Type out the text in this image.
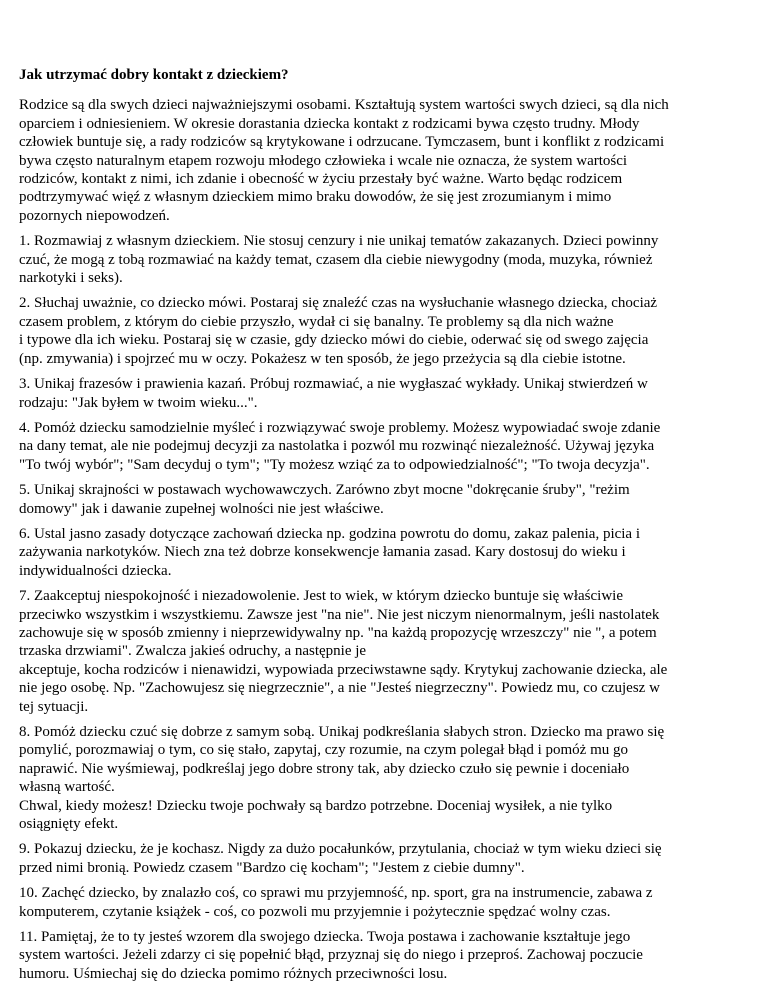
Jak utrzymać dobry kontakt z dzieckiem?

Rodzice są dla swych dzieci najważniejszymi osobami. Kształtują system wartości swych dzieci, są dla nich
oparciem i odniesieniem. W okresie dorastania dziecka kontakt z rodzicami bywa często trudny. Młody
człowiek buntuje się, a rady rodziców są krytykowane i odrzucane. Tymczasem, bunt i konflikt z rodzicami
bywa często naturalnym etapem rozwoju młodego człowieka i wcale nie oznacza, że system wartości
rodziców, kontakt z nimi, ich zdanie i obecność w życiu przestały być ważne. Warto będąc rodzicem
podtrzymywać więź z własnym dzieckiem mimo braku dowodów, że się jest zrozumianym i mimo
pozornych niepowodzeń.

1. Rozmawiaj z własnym dzieckiem. Nie stosuj cenzury i nie unikaj tematów zakazanych. Dzieci powinny
czuć, że mogą z tobą rozmawiać na każdy temat, czasem dla ciebie niewygodny (moda, muzyka, również
narkotyki i seks).

2. Słuchaj uważnie, co dziecko mówi. Postaraj się znaleźć czas na wysłuchanie własnego dziecka, chociaż
czasem problem, z którym do ciebie przyszło, wydał ci się banalny. Te problemy są dla nich ważne
i typowe dla ich wieku. Postaraj się w czasie, gdy dziecko mówi do ciebie, oderwać się od swego zajęcia
(np. zmywania) i spojrzeć mu w oczy. Pokażesz w ten sposób, że jego przeżycia są dla ciebie istotne.

3. Unikaj frazesów i prawienia kazań. Próbuj rozmawiać, a nie wygłaszać wykłady. Unikaj stwierdzeń w
rodzaju: "Jak byłem w twoim wieku...".

4. Pomóż dziecku samodzielnie myśleć i rozwiązywać swoje problemy. Możesz wypowiadać swoje zdanie
na dany temat, ale nie podejmuj decyzji za nastolatka i pozwól mu rozwinąć niezależność. Używaj języka
"To twój wybór"; "Sam decyduj o tym"; "Ty możesz wziąć za to odpowiedzialność"; "To twoja decyzja".

5. Unikaj skrajności w postawach wychowawczych. Zarówno zbyt mocne "dokręcanie śruby", "reżim
domowy" jak i dawanie zupełnej wolności nie jest właściwe.

6. Ustal jasno zasady dotyczące zachowań dziecka np. godzina powrotu do domu, zakaz palenia, picia i
zażywania narkotyków. Niech zna też dobrze konsekwencje łamania zasad. Kary dostosuj do wieku i
indywidualności dziecka.

7. Zaakceptuj niespokojność i niezadowolenie. Jest to wiek, w którym dziecko buntuje się właściwie
przeciwko wszystkim i wszystkiemu. Zawsze jest "na nie". Nie jest niczym nienormalnym, jeśli nastolatek
zachowuje się w sposób zmienny i nieprzewidywalny np. "na każdą propozycję wrzeszczy" nie ", a potem
trzaska drzwiami". Zwalcza jakieś odruchy, a następnie je
akceptuje, kocha rodziców i nienawidzi, wypowiada przeciwstawne sądy. Krytykuj zachowanie dziecka, ale
nie jego osobę. Np. "Zachowujesz się niegrzecznie", a nie "Jesteś niegrzeczny". Powiedz mu, co czujesz w
tej sytuacji.

8. Pomóż dziecku czuć się dobrze z samym sobą. Unikaj podkreślania słabych stron. Dziecko ma prawo się
pomylić, porozmawiaj o tym, co się stało, zapytaj, czy rozumie, na czym polegał błąd i pomóż mu go
naprawić. Nie wyśmiewaj, podkreślaj jego dobre strony tak, aby dziecko czuło się pewnie i doceniało
własną wartość.
Chwal, kiedy możesz! Dziecku twoje pochwały są bardzo potrzebne. Doceniaj wysiłek, a nie tylko
osiągnięty efekt.

9. Pokazuj dziecku, że je kochasz. Nigdy za dużo pocałunków, przytulania, chociaż w tym wieku dzieci się
przed nimi bronią. Powiedz czasem "Bardzo cię kocham"; "Jestem z ciebie dumny".

10. Zachęć dziecko, by znalazło coś, co sprawi mu przyjemność, np. sport, gra na instrumencie, zabawa z
komputerem, czytanie książek - coś, co pozwoli mu przyjemnie i pożytecznie spędzać wolny czas.

11. Pamiętaj, że to ty jesteś wzorem dla swojego dziecka. Twoja postawa i zachowanie kształtuje jego
system wartości. Jeżeli zdarzy ci się popełnić błąd, przyznaj się do niego i przeproś. Zachowaj poczucie
humoru. Uśmiechaj się do dziecka pomimo różnych przeciwności losu.
